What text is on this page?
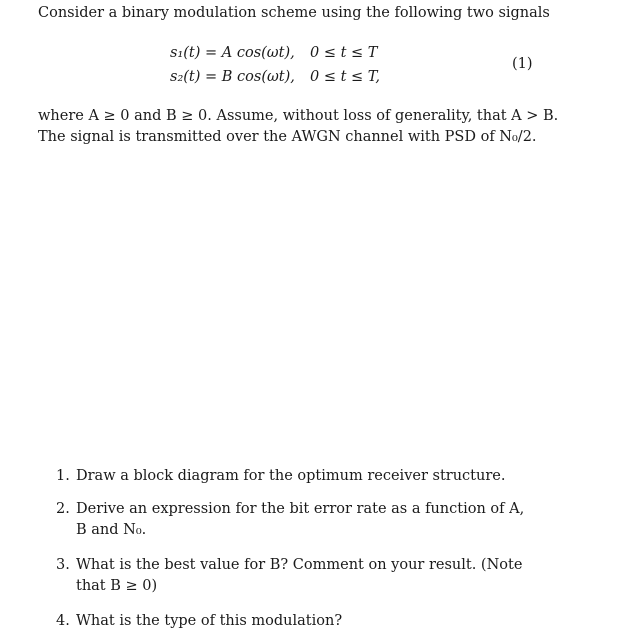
Consider a binary modulation scheme using the following two signals
s₁(t) = A cos(ωt), 0 ≤ t ≤ T
s₂(t) = B cos(ωt), 0 ≤ t ≤ T,
(1)

where A ≥ 0 and B ≥ 0. Assume, without loss of generality, that A > B.

The signal is transmitted over the AWGN channel with PSD of N₀/2.

1. Draw a block diagram for the optimum receiver structure.
2. Derive an expression for the bit error rate as a function of A, B and N₀.
3. What is the best value for B? Comment on your result. (Note that B ≥ 0)
4. What is the type of this modulation?
